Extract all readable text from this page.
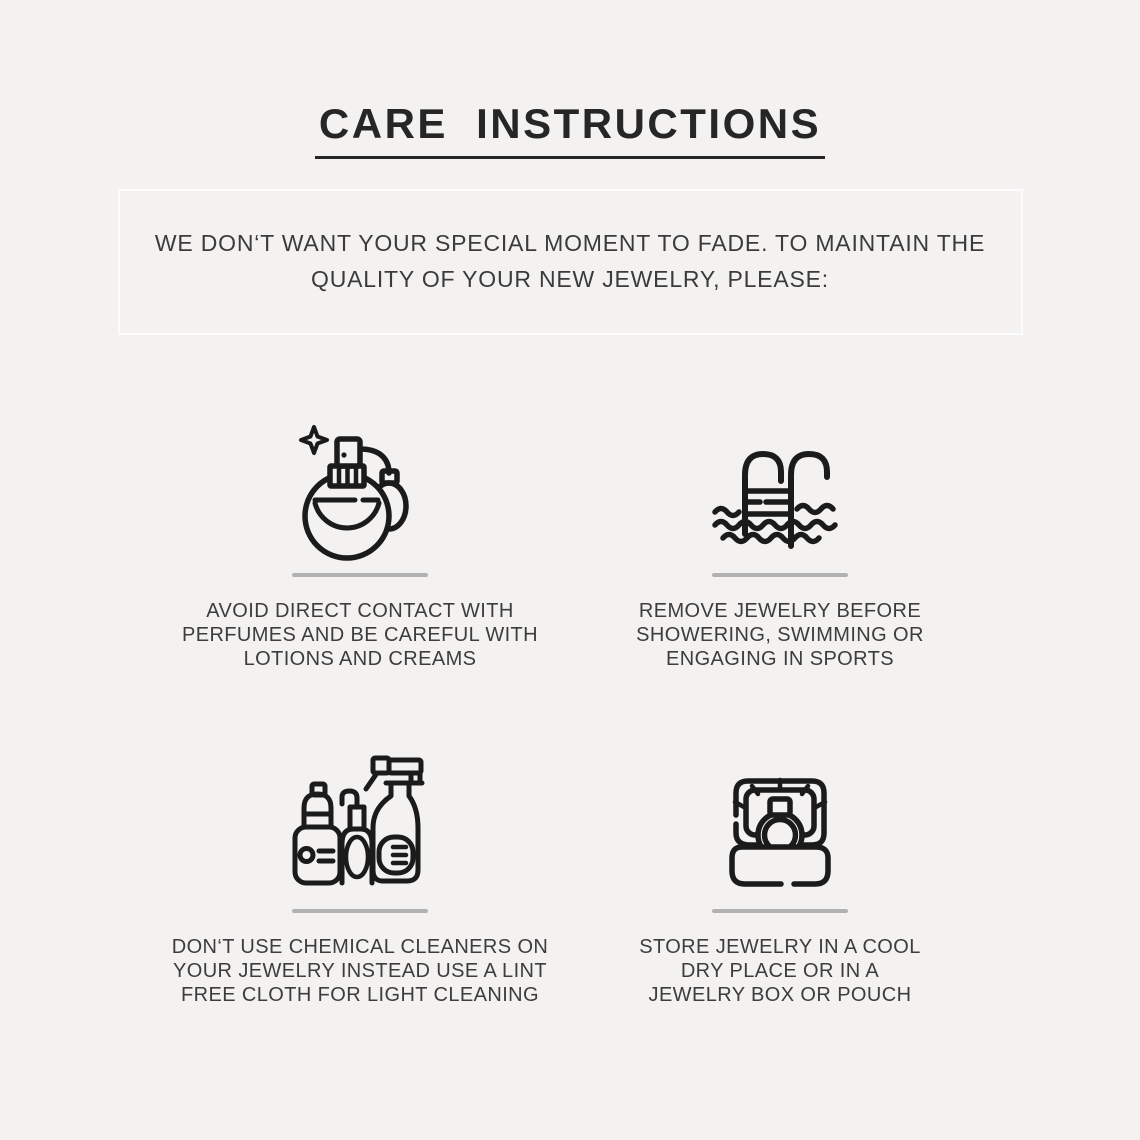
CARE INSTRUCTIONS
WE DON‘T WANT YOUR SPECIAL MOMENT TO FADE. TO MAINTAIN THE
QUALITY OF YOUR NEW JEWELRY, PLEASE:
AVOID DIRECT CONTACT WITH
PERFUMES AND BE CAREFUL WITH
LOTIONS AND CREAMS
REMOVE JEWELRY BEFORE
SHOWERING, SWIMMING OR
ENGAGING IN SPORTS
DON‘T USE CHEMICAL CLEANERS ON
YOUR JEWELRY INSTEAD USE A LINT
FREE CLOTH FOR LIGHT CLEANING
STORE JEWELRY IN A COOL
DRY PLACE OR IN A
JEWELRY BOX OR POUCH
